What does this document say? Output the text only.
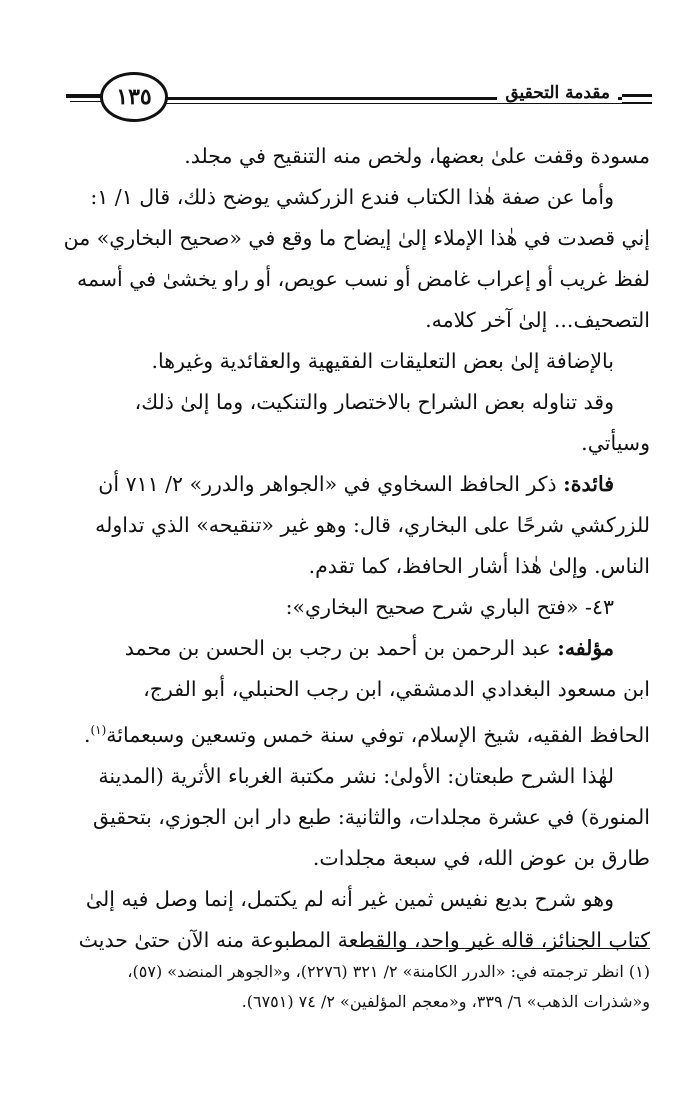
مقدمة التحقيق
١٣٥

مسودة وقفت علىٰ بعضها، ولخص منه التنقيح في مجلد.

وأما عن صفة هٰذا الكتاب فندع الزركشي يوضح ذلك، قال ١/ ١:

إني قصدت في هٰذا الإملاء إلىٰ إيضاح ما وقع في «صحيح البخاري» من

لفظ غريب أو إعراب غامض أو نسب عويص، أو راو يخشىٰ في أسمه

التصحيف... إلىٰ آخر كلامه.

بالإضافة إلىٰ بعض التعليقات الفقيهية والعقائدية وغيرها.

وقد تناوله بعض الشراح بالاختصار والتنكيت، وما إلىٰ ذلك،

وسيأتي.

فائدة: ذكر الحافظ السخاوي في «الجواهر والدرر» ٢/ ٧١١ أن

للزركشي شرحًا على البخاري، قال: وهو غير «تنقيحه» الذي تداوله

الناس. وإلىٰ هٰذا أشار الحافظ، كما تقدم.

٤٣- «فتح الباري شرح صحيح البخاري»:

مؤلفه: عبد الرحمن بن أحمد بن رجب بن الحسن بن محمد

ابن مسعود البغدادي الدمشقي، ابن رجب الحنبلي، أبو الفرج،

الحافظ الفقيه، شيخ الإسلام، توفي سنة خمس وتسعين وسبعمائة$^{(١)}$.

لهٰذا الشرح طبعتان: الأولىٰ: نشر مكتبة الغرباء الأثرية (المدينة

المنورة) في عشرة مجلدات، والثانية: طبع دار ابن الجوزي، بتحقيق

طارق بن عوض الله، في سبعة مجلدات.

وهو شرح بديع نفيس ثمين غير أنه لم يكتمل، إنما وصل فيه إلىٰ

كتاب الجنائز، قاله غير واحد، والقطعة المطبوعة منه الآن حتىٰ حديث

(١) انظر ترجمته في: «الدرر الكامنة» ٢/ ٣٢١ (٢٢٧٦)، و«الجوهر المنضد» (٥٧)،

و«شذرات الذهب» ٦/ ٣٣٩، و«معجم المؤلفين» ٢/ ٧٤ (٦٧٥١).
